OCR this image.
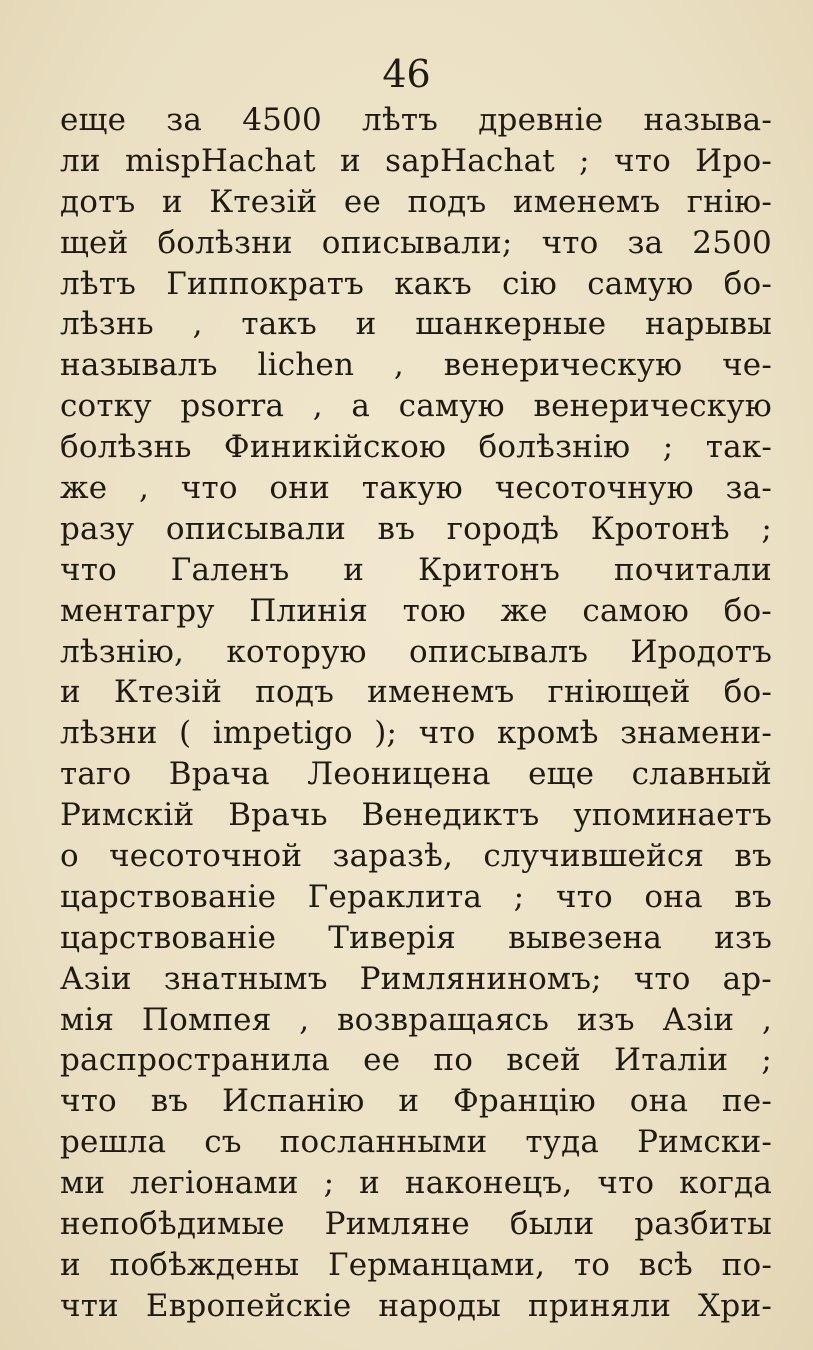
46
еще за 4500 лѣтъ древніе называ-
ли mispHachat и sapHachat ; что Иро-
дотъ и Ктезій ее подъ именемъ гнію-
щей болѣзни описывали; что за 2500
лѣтъ Гиппократъ какъ сію самую бо-
лѣзнь , такъ и шанкерные нарывы
называлъ lichen , венерическую че-
сотку psorra , а самую венерическую
болѣзнь Финикійскою болѣзнію ; так-
же , что они такую чесоточную за-
разу описывали въ городѣ Кротонѣ ;
что Галенъ и Критонъ почитали
ментагру Плинія тою же самою бо-
лѣзнію, которую описывалъ Иродотъ
и Ктезій подъ именемъ гніющей бо-
лѣзни ( impetigo ); что кромѣ знамени-
таго Врача Леоницена еще славный
Римскій Врачь Венедиктъ упоминаетъ
о чесоточной заразѣ, случившейся въ
царствованіе Гераклита ; что она въ
царствованіе Тиверія вывезена изъ
Азіи знатнымъ Римляниномъ; что ар-
мія Помпея , возвращаясь изъ Азіи ,
распространила ее по всей Италіи ;
что въ Испанію и Францію она пе-
решла съ посланными туда Римски-
ми легіонами ; и наконецъ, что когда
непобѣдимые Римляне были разбиты
и побѣждены Германцами, то всѣ по-
чти Европейскіе народы приняли Хри-
